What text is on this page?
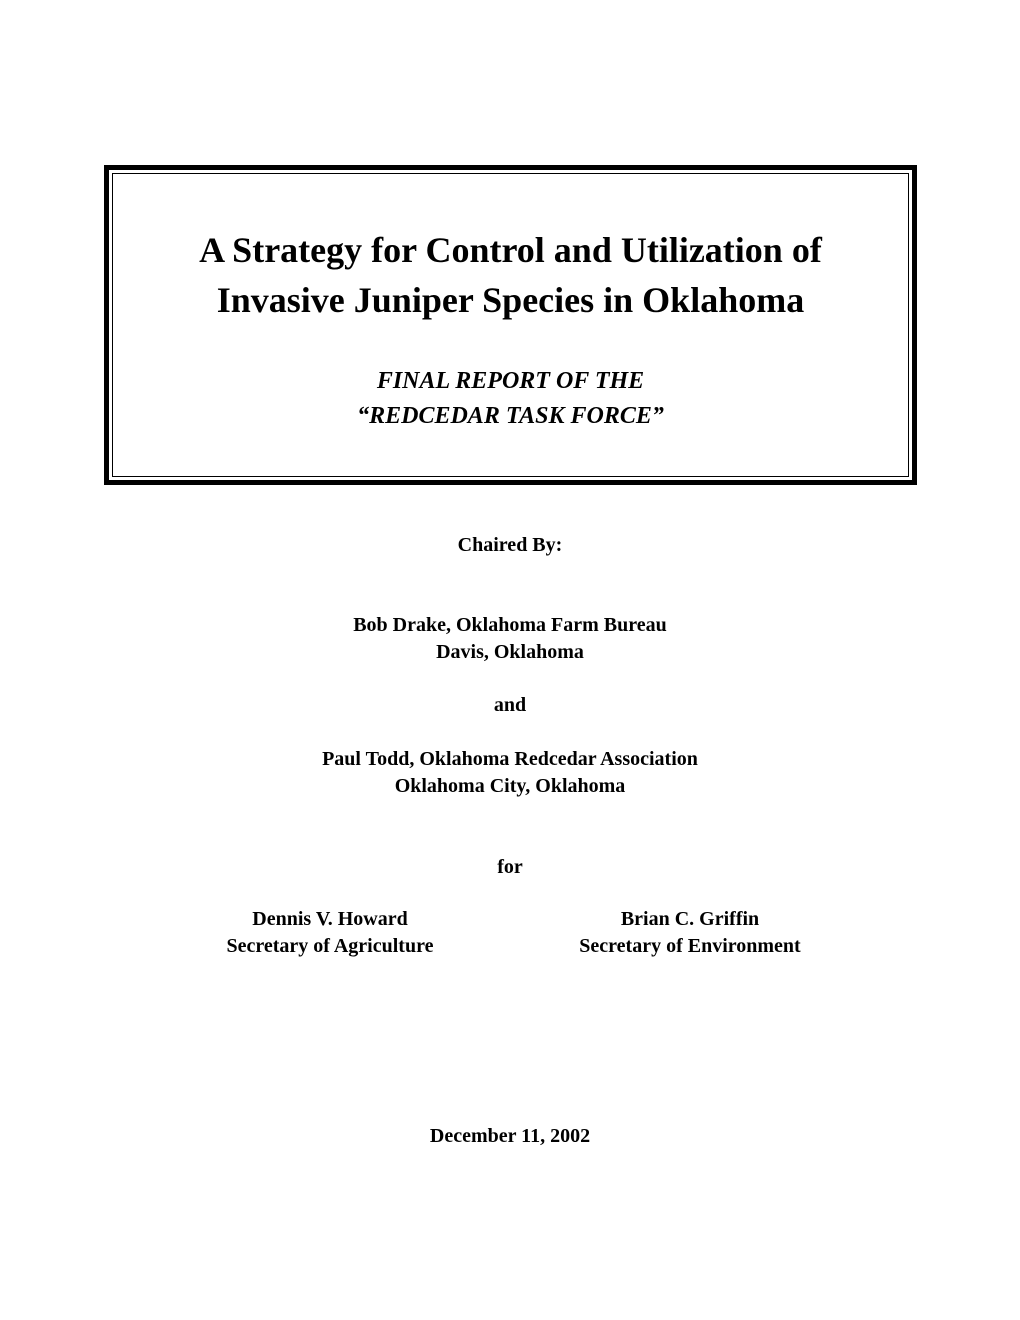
A Strategy for Control and Utilization of
Invasive Juniper Species in Oklahoma
FINAL REPORT OF THE
“REDCEDAR TASK FORCE”
Chaired By:
Bob Drake, Oklahoma Farm Bureau
Davis, Oklahoma
and
Paul Todd, Oklahoma Redcedar Association
Oklahoma City, Oklahoma
for
Dennis V. Howard
Secretary of Agriculture
Brian C. Griffin
Secretary of Environment
December 11, 2002
